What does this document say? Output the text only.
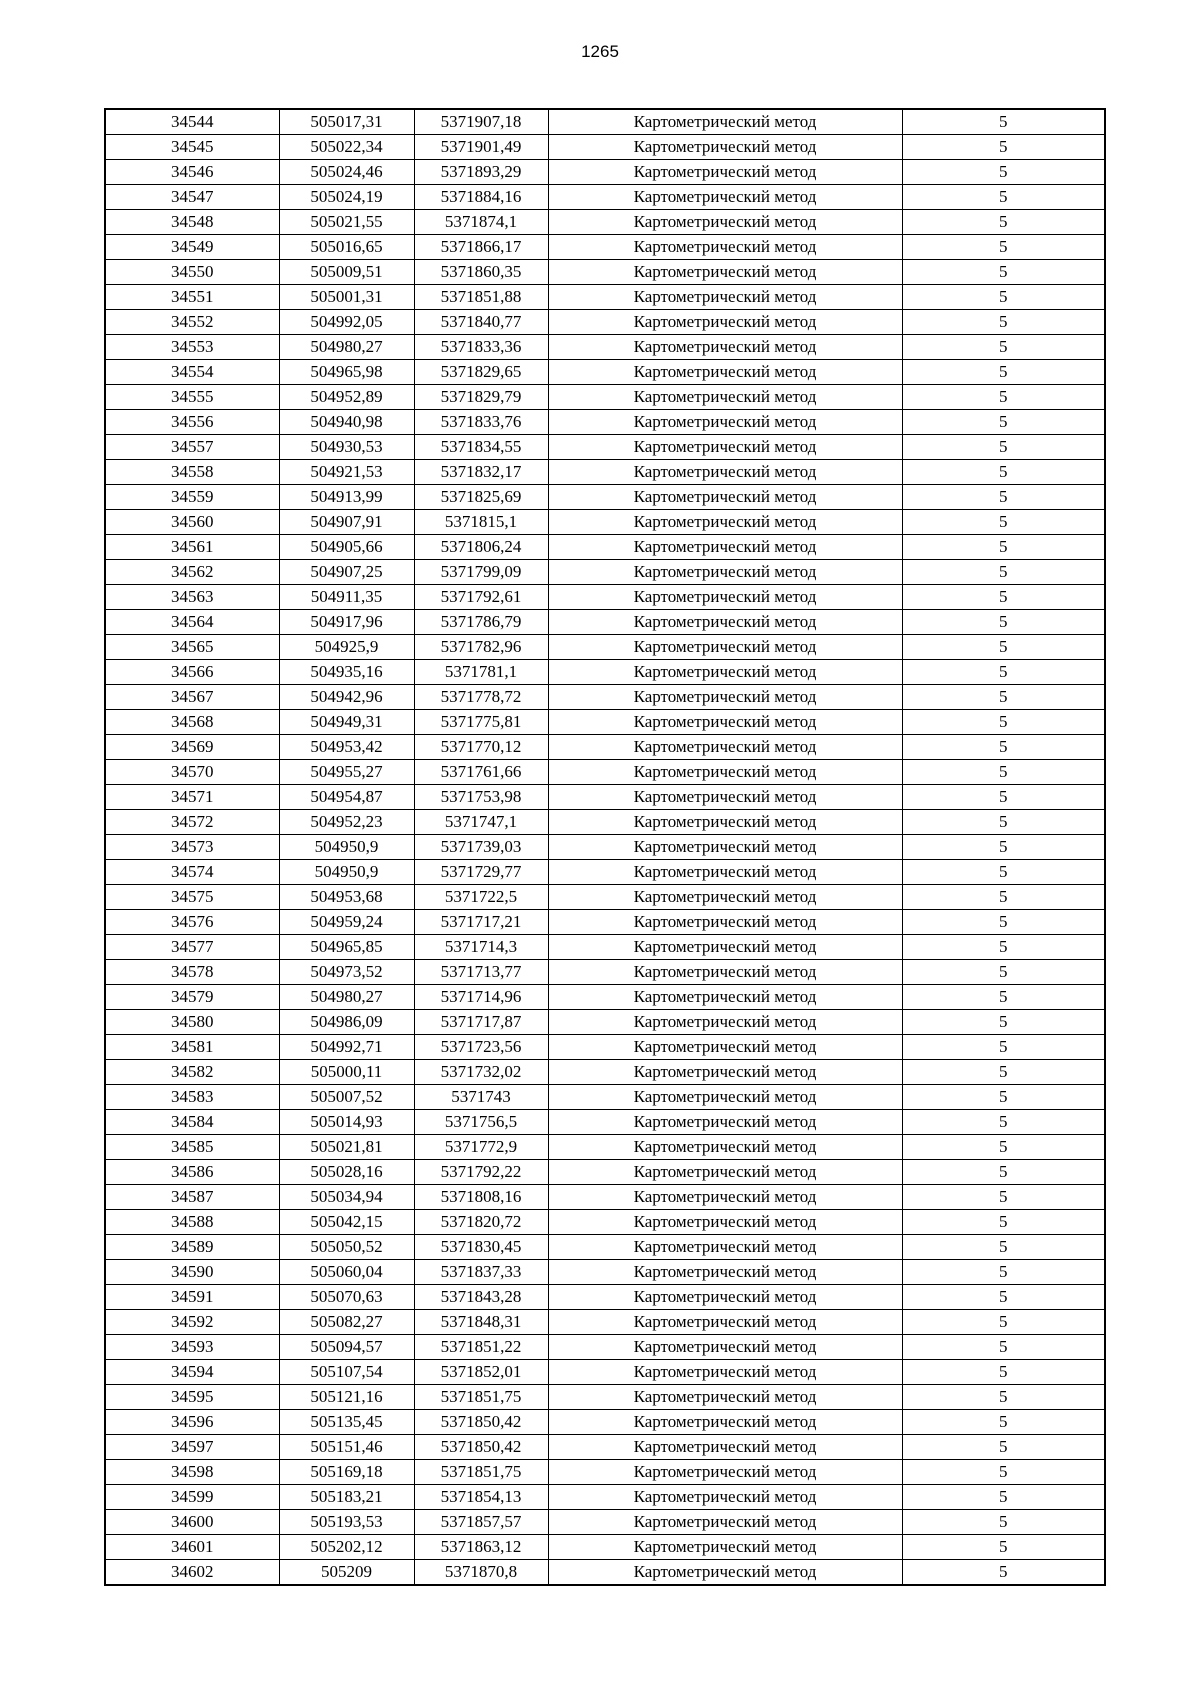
1265
34544	505017,31	5371907,18	Картометрический метод	5
34545	505022,34	5371901,49	Картометрический метод	5
34546	505024,46	5371893,29	Картометрический метод	5
34547	505024,19	5371884,16	Картометрический метод	5
34548	505021,55	5371874,1	Картометрический метод	5
34549	505016,65	5371866,17	Картометрический метод	5
34550	505009,51	5371860,35	Картометрический метод	5
34551	505001,31	5371851,88	Картометрический метод	5
34552	504992,05	5371840,77	Картометрический метод	5
34553	504980,27	5371833,36	Картометрический метод	5
34554	504965,98	5371829,65	Картометрический метод	5
34555	504952,89	5371829,79	Картометрический метод	5
34556	504940,98	5371833,76	Картометрический метод	5
34557	504930,53	5371834,55	Картометрический метод	5
34558	504921,53	5371832,17	Картометрический метод	5
34559	504913,99	5371825,69	Картометрический метод	5
34560	504907,91	5371815,1	Картометрический метод	5
34561	504905,66	5371806,24	Картометрический метод	5
34562	504907,25	5371799,09	Картометрический метод	5
34563	504911,35	5371792,61	Картометрический метод	5
34564	504917,96	5371786,79	Картометрический метод	5
34565	504925,9	5371782,96	Картометрический метод	5
34566	504935,16	5371781,1	Картометрический метод	5
34567	504942,96	5371778,72	Картометрический метод	5
34568	504949,31	5371775,81	Картометрический метод	5
34569	504953,42	5371770,12	Картометрический метод	5
34570	504955,27	5371761,66	Картометрический метод	5
34571	504954,87	5371753,98	Картометрический метод	5
34572	504952,23	5371747,1	Картометрический метод	5
34573	504950,9	5371739,03	Картометрический метод	5
34574	504950,9	5371729,77	Картометрический метод	5
34575	504953,68	5371722,5	Картометрический метод	5
34576	504959,24	5371717,21	Картометрический метод	5
34577	504965,85	5371714,3	Картометрический метод	5
34578	504973,52	5371713,77	Картометрический метод	5
34579	504980,27	5371714,96	Картометрический метод	5
34580	504986,09	5371717,87	Картометрический метод	5
34581	504992,71	5371723,56	Картометрический метод	5
34582	505000,11	5371732,02	Картометрический метод	5
34583	505007,52	5371743	Картометрический метод	5
34584	505014,93	5371756,5	Картометрический метод	5
34585	505021,81	5371772,9	Картометрический метод	5
34586	505028,16	5371792,22	Картометрический метод	5
34587	505034,94	5371808,16	Картометрический метод	5
34588	505042,15	5371820,72	Картометрический метод	5
34589	505050,52	5371830,45	Картометрический метод	5
34590	505060,04	5371837,33	Картометрический метод	5
34591	505070,63	5371843,28	Картометрический метод	5
34592	505082,27	5371848,31	Картометрический метод	5
34593	505094,57	5371851,22	Картометрический метод	5
34594	505107,54	5371852,01	Картометрический метод	5
34595	505121,16	5371851,75	Картометрический метод	5
34596	505135,45	5371850,42	Картометрический метод	5
34597	505151,46	5371850,42	Картометрический метод	5
34598	505169,18	5371851,75	Картометрический метод	5
34599	505183,21	5371854,13	Картометрический метод	5
34600	505193,53	5371857,57	Картометрический метод	5
34601	505202,12	5371863,12	Картометрический метод	5
34602	505209	5371870,8	Картометрический метод	5
